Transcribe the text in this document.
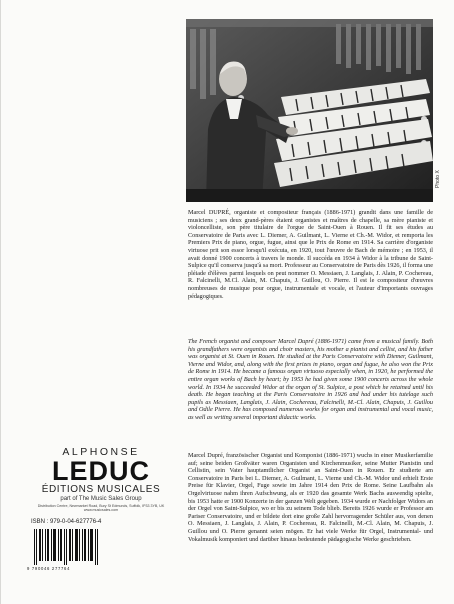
Photo X
Marcel DUPRÉ, organiste et compositeur français (1886-1971) grandit dans une famille de musiciens ; ses deux grand-pères étaient organistes et maîtres de chapelle, sa mère pianiste et violoncelliste, son père titulaire de l'orgue de Saint-Ouen à Rouen. Il fit ses études au Conservatoire de Paris avec L. Diemer, A. Guilmant, L. Vierne et Ch.-M. Widor, et remporta les Premiers Prix de piano, orgue, fugue, ainsi que le Prix de Rome en 1914. Sa carrière d'organiste virtuose prit son essor lorsqu'il exécuta, en 1920, tout l'œuvre de Bach de mémoire ; en 1953, il avait donné 1900 concerts à travers le monde. Il succéda en 1934 à Widor à la tribune de Saint-Sulpice qu'il conserva jusqu'à sa mort. Professeur au Conservatoire de Paris dès 1926, il forma une pléiade d'élèves parmi lesquels on peut nommer O. Messiaen, J. Langlais, J. Alain, P. Cochereau, R. Falcinelli, M.Cl. Alain, M. Chapuis, J. Guillou, O. Pierre. Il est le compositeur d'œuvres nombreuses de musique pour orgue, instrumentale et vocale, et l'auteur d'importants ouvrages pédagogiques.
The French organist and composer Marcel Dupré (1886-1971) came from a musical family. Both his grandfathers were organists and choir masters, his mother a pianist and cellist, and his father was organist at St. Ouen in Rouen. He studied at the Paris Conservatoire with Diemer, Guilmant, Vierne and Widor, and, along with the first prizes in piano, organ and fugue, he also won the Prix de Rome in 1914. He became a famous organ virtuoso especially when, in 1920, he performed the entire organ works of Bach by heart; by 1953 he had given some 1900 concerts across the whole world. In 1934 he succeeded Widor at the organ of St. Sulpice, a post which he retained until his death. He began teaching at the Paris Conservatoire in 1926 and had under his tutelage such pupils as Messiaen, Langlais, J. Alain, Cochereau, Falcinelli, M.-Cl. Alain, Chapuis, J. Guillou and Odile Pierre. He has composed numerous works for organ and instrumental and vocal music, as well as writing several important didactic works.
Marcel Dupré, französischer Organist und Komponist (1886-1971) wuchs in einer Musikerfamilie auf; seine beiden Großväter waren Organisten und Kirchenmusiker, seine Mutter Pianistin und Cellistin, sein Vater hauptamtlicher Organist an Saint-Ouen in Rouen. Er studierte am Conservatoire in Paris bei L. Diemer, A. Guilmant, L. Vierne und Ch.-M. Widor und erhielt Erste Preise für Klavier, Orgel, Fuge sowie im Jahre 1914 den Prix de Rome. Seine Laufbahn als Orgelvirtuose nahm ihren Aufschwung, als er 1920 das gesamte Werk Bachs auswendig spielte, bis 1953 hatte er 1900 Konzerte in der ganzen Welt gegeben. 1934 wurde er Nachfolger Widors an der Orgel von Saint-Sulpice, wo er bis zu seinem Tode blieb. Bereits 1926 wurde er Professor am Pariser Conservatoire, und er bildete dort eine große Zahl hervorragender Schüler aus, von denen O. Messiaen, J. Langlais, J. Alain, P. Cochereau, R. Falcinelli, M.-Cl. Alain, M. Chapuis, J. Guillou und O. Pierre genannt seien mögen. Er hat viele Werke für Orgel, Instrumental- und Vokalmusik komponiert und darüber hinaus bedeutende pädagogische Werke geschrieben.
ALPHONSE
LEDUC
ÉDITIONS MUSICALES
part of The Music Sales Group
Distribution Centre, Newmarket Road, Bury St Edmunds, Suffolk, IP33 3YB, UK www.musicsales.com
ISBN : 979-0-04-627776-4
9 790046 277764
